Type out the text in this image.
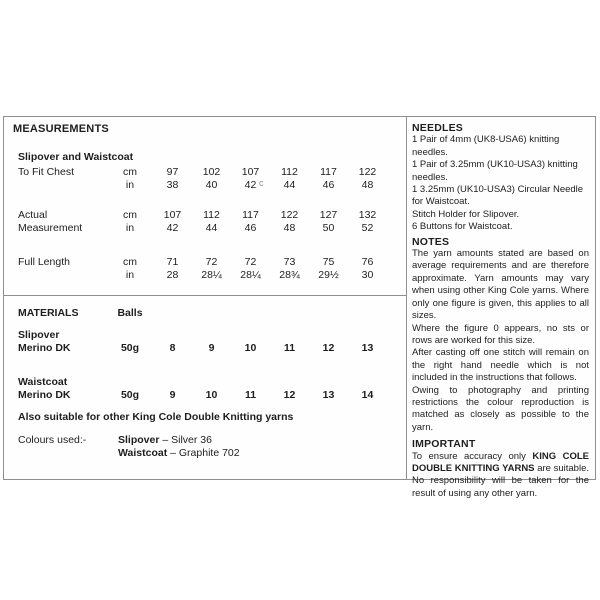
MEASUREMENTS
Slipover and Waistcoat
To Fit Chest	cm	97	102	107	112	117	122
in	38	40	42	44	46	48
Actual	cm	107	112	117	122	127	132
Measurement	in	42	44	46	48	50	52
Full Length	cm	71	72	72	73	75	76
in	28	28¼	28¼	28¾	29½	30
MATERIALS	Balls
Slipover
Merino DK	50g	8	9	10	11	12	13
Waistcoat
Merino DK	50g	9	10	11	12	13	14
Also suitable for other King Cole Double Knitting yarns
Colours used:-	Slipover – Silver 36
Waistcoat – Graphite 702
NEEDLES

1 Pair of 4mm (UK8-USA6) knitting needles.

1 Pair of 3.25mm (UK10-USA3) knitting needles.

1 3.25mm (UK10-USA3) Circular Needle for Waistcoat.

Stitch Holder for Slipover.

6 Buttons for Waistcoat.

NOTES

The yarn amounts stated are based on average requirements and are therefore approximate. Yarn amounts may vary when using other King Cole yarns. Where only one figure is given, this applies to all sizes.

Where the figure 0 appears, no sts or rows are worked for this size.

After casting off one stitch will remain on the right hand needle which is not included in the instructions that follows.

Owing to photography and printing restrictions the colour reproduction is matched as closely as possible to the yarn.

IMPORTANT

To ensure accuracy only KING COLE DOUBLE KNITTING YARNS are suitable. No responsibility will be taken for the result of using any other yarn.

c
